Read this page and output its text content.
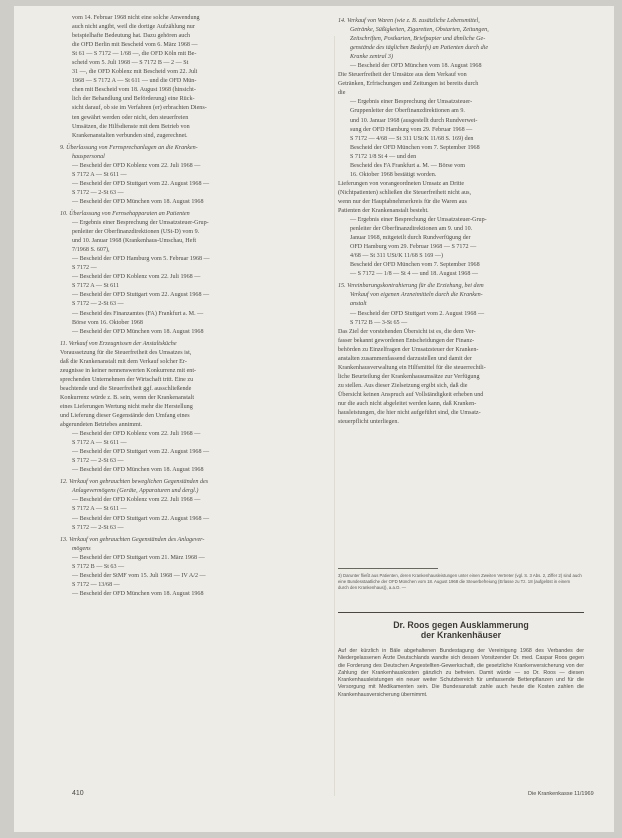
vom 14. Februar 1968 nicht eine solche Anwendung
auch nicht angibt, weil die dortige Aufzählung nur
beispielhafte Bedeutung hat. Dazu gehören auch
die OFD Berlin mit Bescheid vom 6. März 1968 —
St 61 — S 7172 — 1/68 —, die OFD Köln mit Be-
scheid vom 5. Juli 1968 — S 7172 B — 2 — St
31 —, die OFD Koblenz mit Bescheid vom 22. Juli
1968 — S 7172 A — St 611 — und die OFD Mün-
chen mit Bescheid vom 18. August 1968 (hinsicht-
lich der Behandlung und Beförderung) eine Rück-
sicht darauf, ob sie im Verfahren (er) erbrachten Diens-
ten gewährt werden oder nicht, den steuerfreien
Umsätzen, die Hilfsdienste mit dem Betrieb von
Krankenanstalten verbunden sind, zugerechnet.
9. Überlassung von Fernsprechanlagen an die Kranken-
hauspersonal
— Bescheid der OFD Koblenz vom 22. Juli 1968 —
S 7172 A — St 611 —
— Bescheid der OFD Stuttgart vom 22. August 1968 —
S 7172 — 2-St 63 —
— Bescheid der OFD München vom 18. August 1968
10. Überlassung von Fernsehapparaten an Patienten
— Ergebnis einer Besprechung der Umsatzsteuer-Grup-
penleiter der Oberfinanzdirektionen (USt-D) vom 9.
und 10. Januar 1968 (Krankenhaus-Umschau, Heft
7/1968 S. 607),
— Bescheid der OFD Hamburg vom 5. Februar 1968 —
S 7172 —
— Bescheid der OFD Koblenz vom 22. Juli 1968 —
S 7172 A — St 611
— Bescheid der OFD Stuttgart vom 22. August 1968 —
S 7172 — 2-St 63 —
— Bescheid des Finanzamtes (FA) Frankfurt a. M. —
Börse vom 16. Oktober 1968
— Bescheid der OFD München vom 18. August 1968
11. Verkauf von Erzeugnissen der Anstaltsküche
Voraussetzung für die Steuerfreiheit des Umsatzes ist,
daß die Krankenanstalt mit dem Verkauf solcher Er-
zeugnisse in keiner nennenswerten Konkurrenz mit ent-
sprechenden Unternehmen der Wirtschaft tritt. Eine zu
beachtende und die Steuerfreiheit ggf. ausschließende
Konkurrenz würde z. B. sein, wenn der Krankenanstalt
eines Lieferungen Wertung nicht mehr die Herstellung
und Lieferung dieser Gegenstände den Umfang eines
abgerundeten Betriebes annimmt.
— Bescheid der OFD Koblenz vom 22. Juli 1968 —
S 7172 A — St 611 —
— Bescheid der OFD Stuttgart vom 22. August 1968 —
S 7172 — 2-St 63 —
— Bescheid der OFD München vom 18. August 1968
12. Verkauf von gebrauchten beweglichen Gegenständen des
Anlagevermögens (Geräte, Apparaturen und dergl.)
— Bescheid der OFD Koblenz vom 22. Juli 1968 —
S 7172 A — St 611 —
— Bescheid der OFD Stuttgart vom 22. August 1968 —
S 7172 — 2-St 63 —
13. Verkauf von gebrauchten Gegenständen des Anlagever-
mögens
— Bescheid der OFD Stuttgart vom 21. März 1968 —
S 7172 B — St 63 —
— Bescheid der StMF vom 15. Juli 1968 — IV A/2 —
S 7172 — 13/68 —
— Bescheid der OFD München vom 18. August 1968
14. Verkauf von Waren (wie z. B. zusätzliche Lebensmittel,
Getränke, Süßigkeiten, Zigaretten, Obstarten, Zeitungen,
Zeitschriften, Postkarten, Briefpapier und ähnliche Ge-
genstände des täglichen Bedarfs) an Patienten durch die
Kranke zentral 3)
— Bescheid der OFD München vom 18. August 1968
Die Steuerfreiheit der Umsätze aus dem Verkauf von
Getränken, Erfrischungen und Zeitungen ist bereits durch
die
— Ergebnis einer Besprechung der Umsatzsteuer-
Gruppenleiter der Oberfinanzdirektionen am 9.
und 10. Januar 1968 (ausgestellt durch Rundverwei-
sung der OFD Hamburg vom 29. Februar 1968 —
S 7172 — 4/68 — St 311 USt/K 11/68 S. 169) den
Bescheid der OFD München vom 7. September 1968
S 7172 1/8 St 4 — und den
Bescheid des FA Frankfurt a. M. — Börse vom
16. Oktober 1968 bestätigt worden.
Lieferungen von vorangeordneten Umsatz an Dritte
(Nichtpatienten) schließen die Steuerfreiheit nicht aus,
wenn nur der Hauptabnehmerkreis für die Waren aus
Patienten der Krankenanstalt besteht.
— Ergebnis einer Besprechung der Umsatzsteuer-Grup-
penleiter der Oberfinanzdirektionen am 9. und 10.
Januar 1968, mitgeteilt durch Rundverfügung der
OFD Hamburg vom 29. Februar 1968 — S 7172 —
4/68 — St 311 USt/K 11/68 S 169 —)
Bescheid der OFD München vom 7. September 1968
— S 7172 — 1/8 — St 4 — und 18. August 1968 —
15. Vereinbarungskontrahierung für die Erziehung, bei dem
Verkauf von eigenen Arzneimitteln durch die Kranken-
anstalt
— Bescheid der OFD Stuttgart vom 2. August 1968 —
S 7172 B — 3-St 65 —
Das Ziel der vorstehenden Übersicht ist es, die dem Ver-
fasser bekannt gewordenen Entscheidungen der Finanz-
behörden zu Einzelfragen der Umsatzsteuer der Kranken-
anstalten zusammenfassend darzustellen und damit der
Krankenhausverwaltung ein Hilfsmittel für die steuerrechtli-
liche Beurteilung der Krankenhausumsätze zur Verfügung
zu stellen. Aus dieser Zielsetzung ergibt sich, daß die
Übersicht keinen Anspruch auf Vollständigkeit erheben und
nur die auch nicht abgeleitet werden kann, daß Kranken-
hausleistungen, die hier nicht aufgeführt sind, die Umsatz-
steuerpflicht unterliegen.
3) Darunter fließt aus Patienten, deren Krankenhausleistungen unter einen Zweiten Vertreter (vgl. S. 3 Abs. 2, Ziffer 2) sind auch eine Bundesstaatliche der OFD München vom 18. August 1968 die Steuerbefreiung (Erlasse zu Tz. 18 (aufgelöst in einem durch den Krankenhaus)), a.a.O. —
Dr. Roos gegen Ausklammerung
der Krankenhäuser
Auf der kürzlich in Bäle abgehaltenen Bundestagung der Vereinigung 1968 des Verbandes der Niedergelassenen Ärzte Deutschlands wandte sich dessen Vorsitzender Dr. med. Caspar Roos gegen die Forderung des Deutschen Angestellten-Gewerkschaft, die gesetzliche Krankenversicherung von der Zahlung der Krankenhauskosten gänzlich zu befreien. Damit würde — so Dr. Roos — diesen Krankenhausleistungen ein neuer weiter Schutzbereich für umfassende Bettenpflanzen und für die Versorgung mit Medikamenten sein. Die Bundesanstalt zahle auch heute die Kosten zahlen die Krankenhausversicherung übernimmt.
410	Die Krankenkasse 11/1969
